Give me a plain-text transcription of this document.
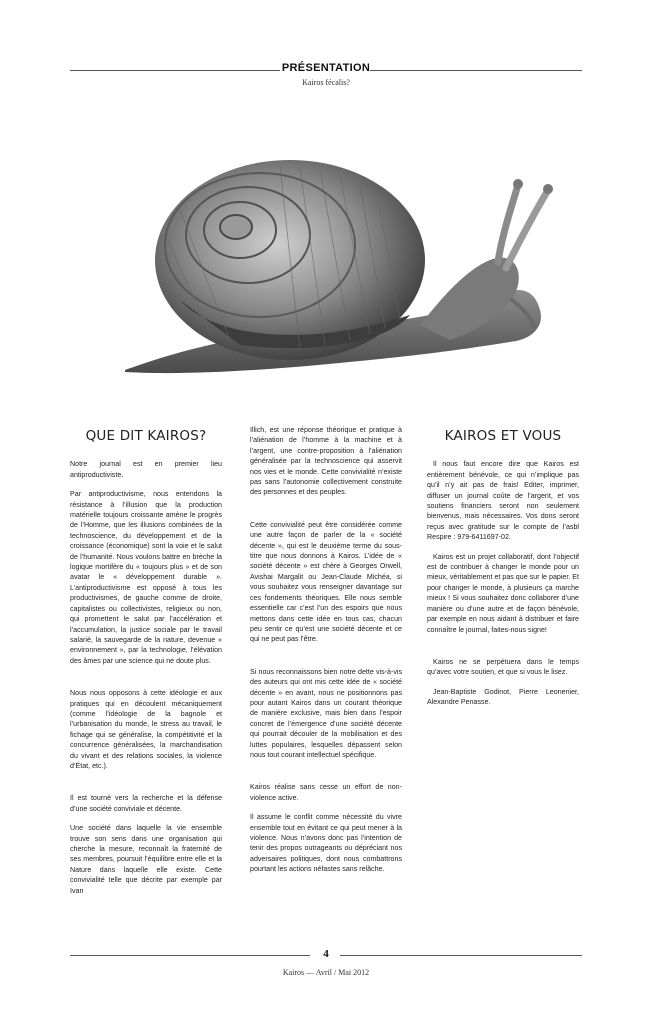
PRÉSENTATION
Kairos fécalis?
QUE DIT KAIROS?

Notre journal est en premier lieu antiproductiviste.

Par antiproductivisme, nous entendons la résistance à l’illusion que la production matérielle toujours croissante amène le progrès de l’Homme, que les illusions combinées de la technoscience, du développement et de la croissance (économique) sont la voie et le salut de l’humanité. Nous voulons battre en brèche la logique mortifère du « toujours plus » et de son avatar le « développement durable ». L’antiproductivisme est opposé à tous les productivismes, de gauche comme de droite, capitalistes ou collectivistes, religieux ou non, qui promettent le salut par l’accélération et l’accumulation, la justice sociale par le travail salarié, la sauvegarde de la nature, devenue « environnement », par la technologie, l’élévation des âmes par une science qui ne doute plus.

Nous nous opposons à cette idéologie et aux pratiques qui en découlent mécaniquement (comme l’idéologie de la bagnole et l’urbanisation du monde, le stress au travail, le fichage qui se généralise, la compétitivité et la concurrence généralisées, la marchandisation du vivant et des relations sociales, la violence d’État, etc.).

Il est tourné vers la recherche et la défense d’une société conviviale et décente.

Une société dans laquelle la vie ensemble trouve son sens dans une organisation qui cherche la mesure, reconnaît la fraternité de ses membres, poursuit l’équilibre entre elle et la Nature dans laquelle elle existe. Cette convivialité telle que décrite par exemple par Ivan

Illich, est une réponse théorique et pratique à l’aliénation de l’homme à la machine et à l’argent, une contre-proposition à l’aliénation généralisée par la technoscience qui asservit nos vies et le monde. Cette convivialité n’existe pas sans l’autonomie collectivement construite des personnes et des peuples.

Cette convivialité peut être considérée comme une autre façon de parler de la « société décente », qui est le deuxième terme du sous-titre que nous donnons à Kairos. L’idée de « société décente » est chère à Georges Orwell, Avishai Margalit ou Jean-Claude Michéa, si vous souhaitez vous renseigner davantage sur ces fondements théoriques. Elle nous semble essentielle car c’est l’un des espoirs que nous mettons dans cette idée en tous cas, chacun peu sentir ce qu’est une société décente et ce qui ne peut pas l’être.

Si nous reconnaissons bien notre dette vis-à-vis des auteurs qui ont mis cette idée de « société décente » en avant, nous ne positionnons pas pour autant Kairos dans un courant théorique de manière exclusive, mais bien dans l’espoir concret de l’émergence d’une société décente qui pourrait découler de la mobilisation et des luttes populaires, lesquelles dépassent selon nous tout courant intellectuel spécifique.

Kairos réalise sans cesse un effort de non-violence active.

Il assume le conflit comme nécessité du vivre ensemble tout en évitant ce qui peut mener à la violence. Nous n’avons donc pas l’intention de tenir des propos outrageants ou dépréciant nos adversaires politiques, dont nous combattrons pourtant les actions néfastes sans relâche.

KAIROS ET VOUS

Il nous faut encore dire que Kairos est entièrement bénévole, ce qui n’implique pas qu’il n’y ait pas de frais! Editer, imprimer, diffuser un journal coûte de l’argent, et vos soutiens financiers seront non seulement bienvenus, mais nécessaires. Vos dons seront reçus avec gratitude sur le compte de l’asbl Respire : 979-6411697-02.

Kairos est un projet collaboratif, dont l’objectif est de contribuer à changer le monde pour un mieux, véritablement et pas que sur le papier. Et pour changer le monde, à plusieurs ça marche mieux ! Si vous souhaitez donc collaborer d’une manière ou d’une autre et de façon bénévole, par exemple en nous aidant à distribuer et faire connaître le journal, faites-nous signe!

Kairos ne se perpétuera dans le temps qu’avec votre soutien, et que si vous le lisez.

Jean-Baptiste Godinot, Pierre Leonenier, Alexandre Penasse.

4
Kairos — Avril / Mai 2012
